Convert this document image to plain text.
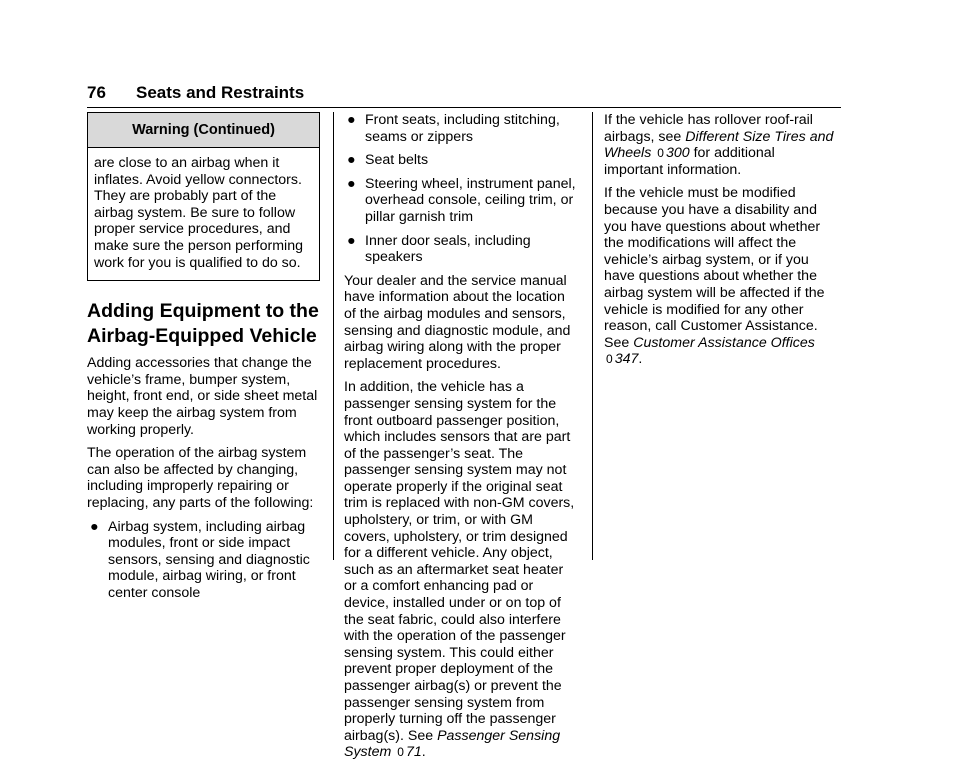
76 Seats and Restraints
Warning (Continued)
are close to an airbag when it inflates. Avoid yellow connectors. They are probably part of the airbag system. Be sure to follow proper service procedures, and make sure the person performing work for you is qualified to do so.
Adding Equipment to the
Airbag-Equipped Vehicle

Adding accessories that change the vehicle’s frame, bumper system, height, front end, or side sheet metal may keep the airbag system from working properly.

The operation of the airbag system can also be affected by changing, including improperly repairing or replacing, any parts of the following:

● Airbag system, including airbag modules, front or side impact sensors, sensing and diagnostic module, airbag wiring, or front center console
● Front seats, including stitching, seams or zippers
● Seat belts
● Steering wheel, instrument panel, overhead console, ceiling trim, or pillar garnish trim
● Inner door seals, including speakers

Your dealer and the service manual have information about the location of the airbag modules and sensors, sensing and diagnostic module, and airbag wiring along with the proper replacement procedures.

In addition, the vehicle has a passenger sensing system for the front outboard passenger position, which includes sensors that are part of the passenger’s seat. The passenger sensing system may not operate properly if the original seat trim is replaced with non-GM covers, upholstery, or trim, or with GM covers, upholstery, or trim designed for a different vehicle. Any object, such as an aftermarket seat heater or a comfort enhancing pad or device, installed under or on top of the seat fabric, could also interfere with the operation of the passenger sensing system. This could either prevent proper deployment of the passenger airbag(s) or prevent the passenger sensing system from properly turning off the passenger airbag(s). See Passenger Sensing System 0 71.

If the vehicle has rollover roof-rail airbags, see Different Size Tires and Wheels 0 300 for additional important information.

If the vehicle must be modified because you have a disability and you have questions about whether the modifications will affect the vehicle’s airbag system, or if you have questions about whether the airbag system will be affected if the vehicle is modified for any other reason, call Customer Assistance. See Customer Assistance Offices 0 347.
